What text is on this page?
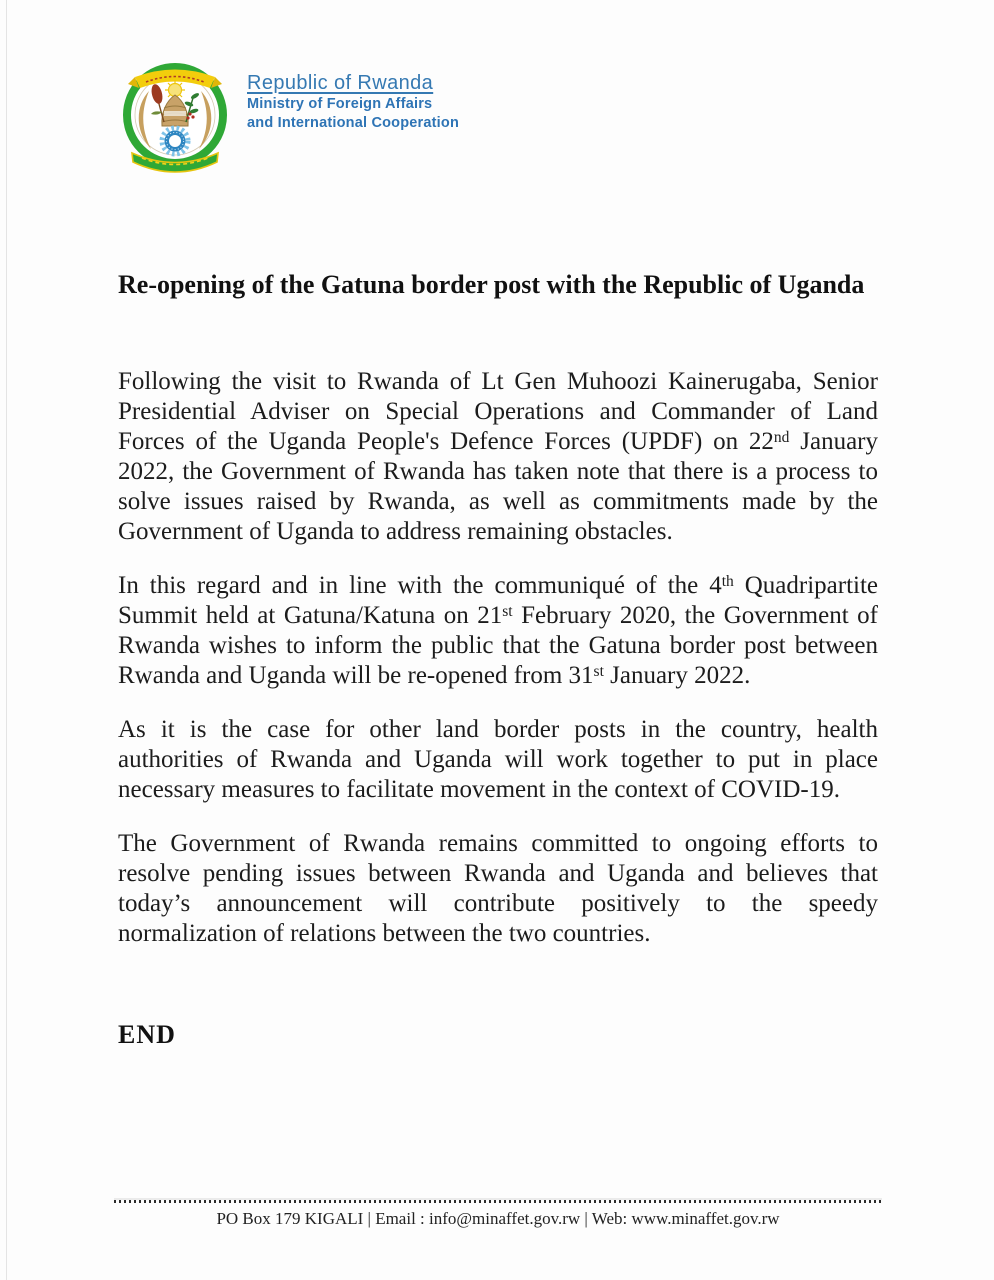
Republic of Rwanda
Ministry of Foreign Affairs
and International Cooperation
Re-opening of the Gatuna border post with the Republic of Uganda
Following the visit to Rwanda of Lt Gen Muhoozi Kainerugaba, Senior
Presidential Adviser on Special Operations and Commander of Land
Forces of the Uganda People's Defence Forces (UPDF) on 22nd January
2022, the Government of Rwanda has taken note that there is a process to
solve issues raised by Rwanda, as well as commitments made by the
Government of Uganda to address remaining obstacles.
In this regard and in line with the communiqué of the 4th Quadripartite
Summit held at Gatuna/Katuna on 21st February 2020, the Government of
Rwanda wishes to inform the public that the Gatuna border post between
Rwanda and Uganda will be re-opened from 31st January 2022.
As it is the case for other land border posts in the country, health
authorities of Rwanda and Uganda will work together to put in place
necessary measures to facilitate movement in the context of COVID-19.
The Government of Rwanda remains committed to ongoing efforts to
resolve pending issues between Rwanda and Uganda and believes that
today’s announcement will contribute positively to the speedy
normalization of relations between the two countries.
END
PO Box 179 KIGALI | Email : info@minaffet.gov.rw | Web: www.minaffet.gov.rw
